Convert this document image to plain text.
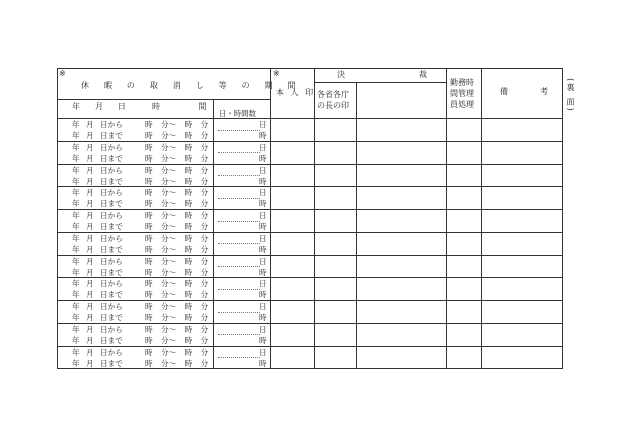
※
休 暇 の 取 消 し 等 の 期 間
年 月 日 時 間
日・時間数
※
本 人 印
決	裁
各省各庁
の長の印
勤務時
間管理
員処理
備	考 (裏 面)
年 月 日から
年 月 日まで
時 分～ 時 分
時 分～ 時 分
日
時
年 月 日から
年 月 日まで
時 分～ 時 分
時 分～ 時 分
日
時
年 月 日から
年 月 日まで
時 分～ 時 分
時 分～ 時 分
日
時
年 月 日から
年 月 日まで
時 分～ 時 分
時 分～ 時 分
日
時
年 月 日から
年 月 日まで
時 分～ 時 分
時 分～ 時 分
日
時
年 月 日から
年 月 日まで
時 分～ 時 分
時 分～ 時 分
日
時
年 月 日から
年 月 日まで
時 分～ 時 分
時 分～ 時 分
日
時
年 月 日から
年 月 日まで
時 分～ 時 分
時 分～ 時 分
日
時
年 月 日から
年 月 日まで
時 分～ 時 分
時 分～ 時 分
日
時
年 月 日から
年 月 日まで
時 分～ 時 分
時 分～ 時 分
日
時
年 月 日から
年 月 日まで
時 分～ 時 分
時 分～ 時 分
日
時
